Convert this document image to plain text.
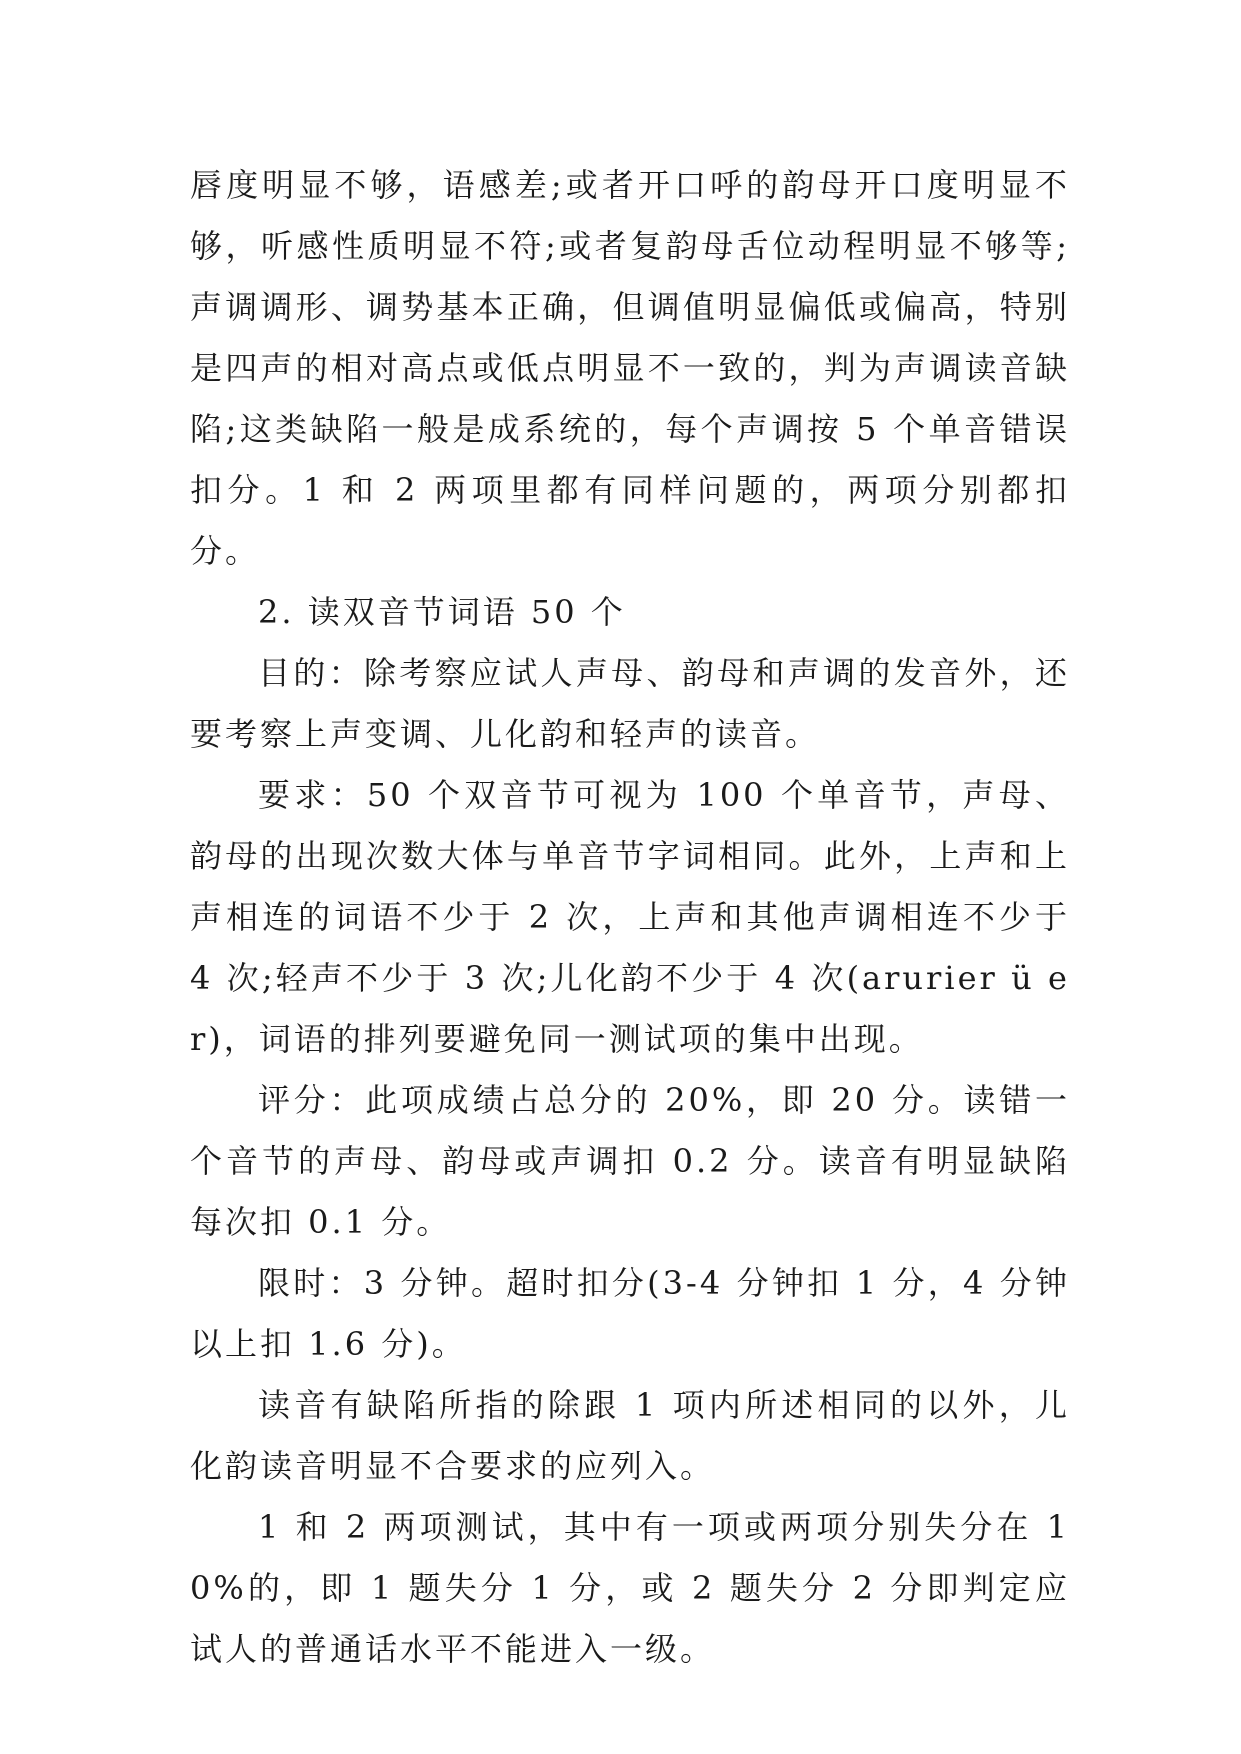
唇度明显不够，语感差;或者开口呼的韵母开口度明显不够，听感性质明显不符;或者复韵母舌位动程明显不够等;声调调形、调势基本正确，但调值明显偏低或偏高，特别是四声的相对高点或低点明显不一致的，判为声调读音缺陷;这类缺陷一般是成系统的，每个声调按 5 个单音错误扣分。1 和 2 两项里都有同样问题的，两项分别都扣分。

2. 读双音节词语 50 个

目的：除考察应试人声母、韵母和声调的发音外，还要考察上声变调、儿化韵和轻声的读音。

要求：50 个双音节可视为 100 个单音节，声母、韵母的出现次数大体与单音节字词相同。此外，上声和上声相连的词语不少于 2 次，上声和其他声调相连不少于 4 次;轻声不少于 3 次;儿化韵不少于 4 次(arurier ü er)，词语的排列要避免同一测试项的集中出现。

评分：此项成绩占总分的 20%，即 20 分。读错一个音节的声母、韵母或声调扣 0.2 分。读音有明显缺陷每次扣 0.1 分。

限时：3 分钟。超时扣分(3-4 分钟扣 1 分，4 分钟以上扣 1.6 分)。

读音有缺陷所指的除跟 1 项内所述相同的以外，儿化韵读音明显不合要求的应列入。

1 和 2 两项测试，其中有一项或两项分别失分在 10%的，即 1 题失分 1 分，或 2 题失分 2 分即判定应试人的普通话水平不能进入一级。
